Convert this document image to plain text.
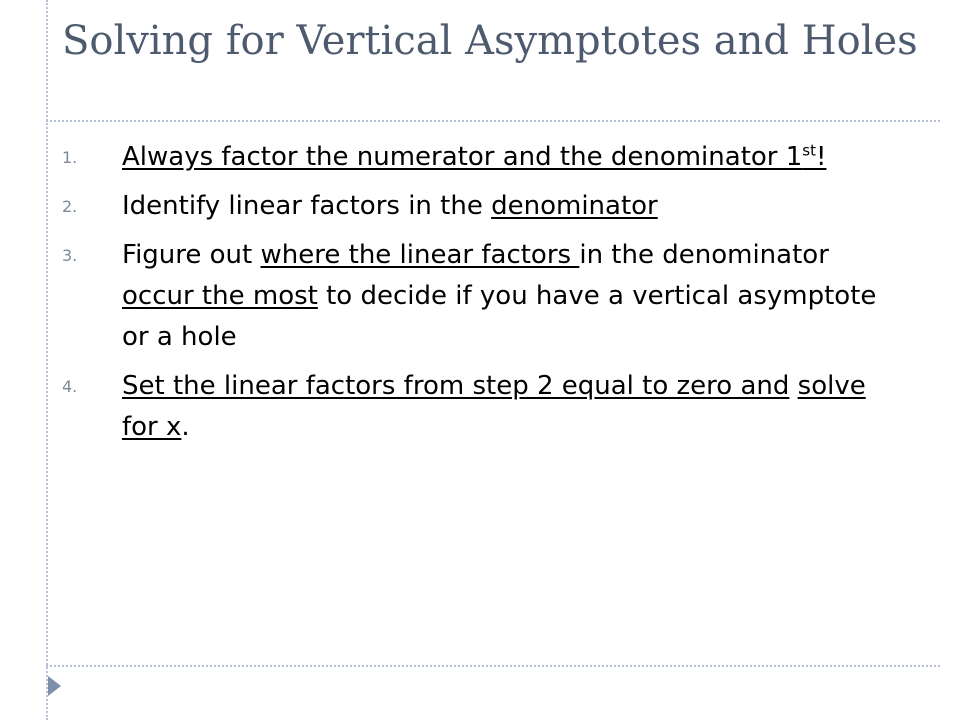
Solving for Vertical Asymptotes and Holes
1.	Always factor the numerator and the denominator 1st!
2.	Identify linear factors in the denominator
3.	Figure out where the linear factors in the denominator occur the most to decide if you have a vertical asymptote or a hole
4.	Set the linear factors from step 2 equal to zero and solve for x.
